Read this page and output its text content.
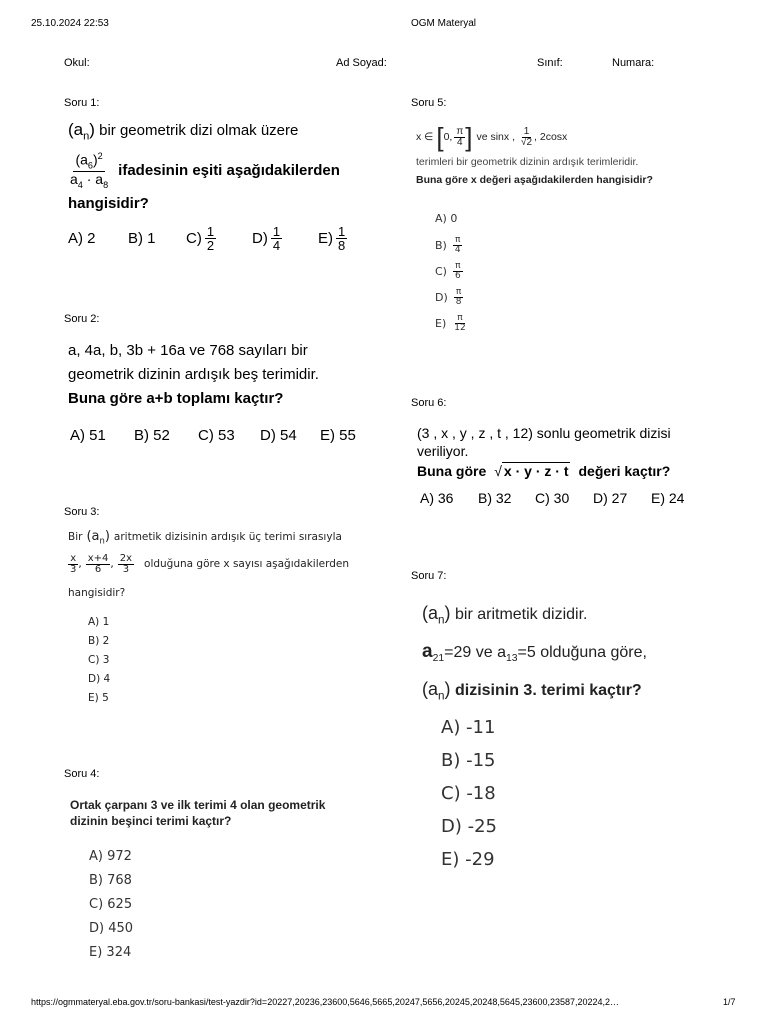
25.10.2024 22:53	OGM Materyal
Okul:	Ad Soyad:	Sınıf:	Numara:
Soru 1:
$(a_n)$ bir geometrik dizi olmak üzere
$\frac{(a_6)^2}{a_4 \cdot a_8}$ ifadesinin eşiti aşağıdakilerden
hangisidir?
A) 2	B) 1	$C) \frac{1}{2} D) \frac{1}{4} E) \frac{1}{8}$
Soru 2:
a, 4a, b, 3b + 16a ve 768 sayıları bir
geometrik dizinin ardışık beş terimidir.
Buna göre a+b toplamı kaçtır?
A) 51	B) 52	C) 53	D) 54	E) 55
Soru 3:
Bir $(a_n)$ aritmetik dizisinin ardışık üç terimi sırasıyla
$\frac{x}{3}$ , $\frac{x+4}{6}$ , $\frac{2x}{3}$ olduğuna göre x sayısı aşağıdakilerden
hangisidir?
A) 1
B) 2
C) 3
D) 4
E) 5
Soru 4:
Ortak çarpanı 3 ve ilk terimi 4 olan geometrik
dizinin beşinci terimi kaçtır?
A) 972
B) 768
C) 625
D) 450
E) 324
Soru 5:
x ∈ [ 0, $\frac{\pi}{4}$ ] ve sinx , $\frac{1}{√2}$ , 2cosx
terimleri bir geometrik dizinin ardışık terimleridir.
Buna göre x değeri aşağıdakilerden hangisidir?
A) 0
$B) \frac{\pi}{4}$
$C) \frac{\pi}{6}$
$D) \frac{\pi}{8}$
$E) \frac{\pi}{12}$
Soru 6:
(3 , x , y , z , t , 12) sonlu geometrik dizisi
veriliyor.
Buna göre √ x · y · z · t değeri kaçtır?
A) 36	B) 32	C) 30	D) 27	E) 24
Soru 7:
$(a_n)$ bir aritmetik dizidir.
$a_{21}=29$ ve $a_{13}=5$ olduğuna göre,
$(a_n)$ dizisinin 3. terimi kaçtır?
A) -11
B) -15
C) -18
D) -25
E) -29
https://ogmmateryal.eba.gov.tr/soru-bankasi/test-yazdir?id=20227,20236,23600,5646,5665,20247,5656,20245,20248,5645,23600,23587,20224,2…	1/7
